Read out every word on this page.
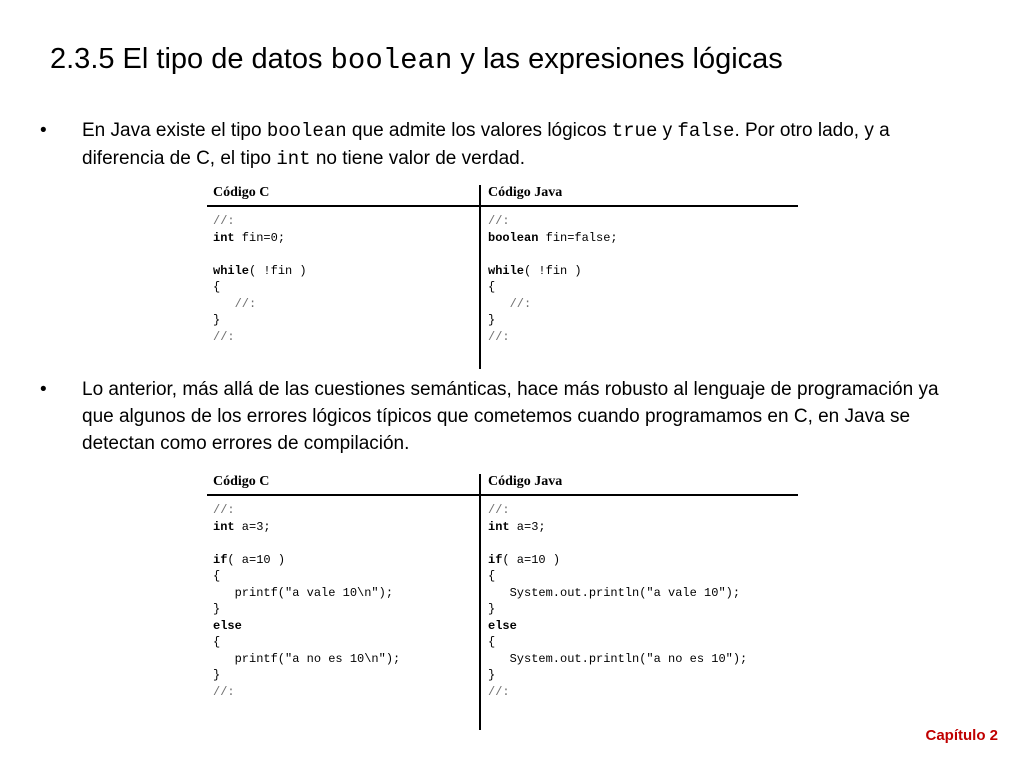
2.3.5 El tipo de datos boolean y las expresiones lógicas
• En Java existe el tipo boolean que admite los valores lógicos true y false. Por otro lado, y a diferencia de C, el tipo int no tiene valor de verdad.
Código C
//:
int fin=0;
while( !fin )
{
//:
}
//:
Código Java
//:
boolean fin=false;
while( !fin )
{
//:
}
//:
• Lo anterior, más allá de las cuestiones semánticas, hace más robusto al lenguaje de programación ya que algunos de los errores lógicos típicos que cometemos cuando programamos en C, en Java se detectan como errores de compilación.
Código C
//:
int a=3;
if( a=10 )
{
printf("a vale 10\n");
}
else
{
printf("a no es 10\n");
}
//:
Código Java
//:
int a=3;
if( a=10 )
{
System.out.println("a vale 10");
}
else
{
System.out.println("a no es 10");
}
//:
Capítulo 2
